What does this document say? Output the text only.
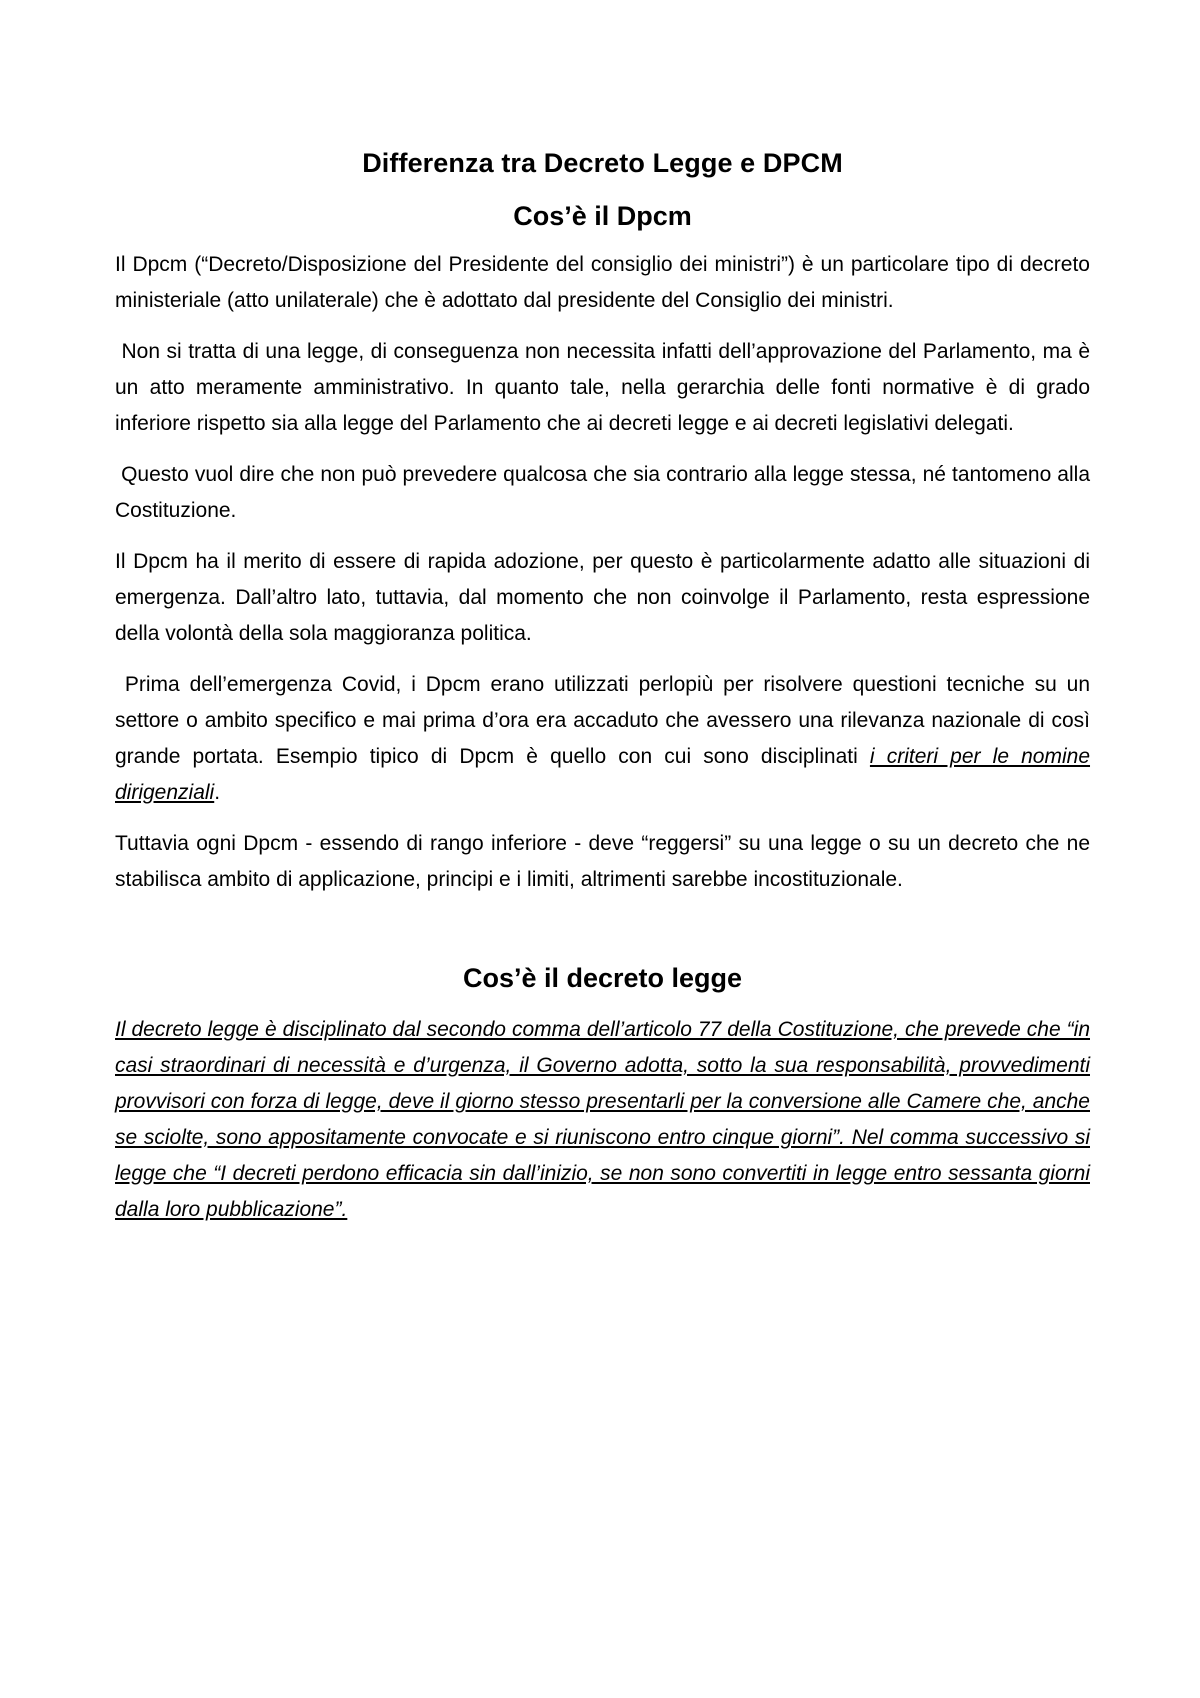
Differenza tra Decreto Legge e DPCM
Cos’è il Dpcm

Il Dpcm (“Decreto/Disposizione del Presidente del consiglio dei ministri”) è un particolare tipo di decreto ministeriale (atto unilaterale) che è adottato dal presidente del Consiglio dei ministri.

Non si tratta di una legge, di conseguenza non necessita infatti dell’approvazione del Parlamento, ma è un atto meramente amministrativo. In quanto tale, nella gerarchia delle fonti normative è di grado inferiore rispetto sia alla legge del Parlamento che ai decreti legge e ai decreti legislativi delegati.

Questo vuol dire che non può prevedere qualcosa che sia contrario alla legge stessa, né tantomeno alla Costituzione.

Il Dpcm ha il merito di essere di rapida adozione, per questo è particolarmente adatto alle situazioni di emergenza. Dall’altro lato, tuttavia, dal momento che non coinvolge il Parlamento, resta espressione della volontà della sola maggioranza politica.

Prima dell’emergenza Covid, i Dpcm erano utilizzati perlopiù per risolvere questioni tecniche su un settore o ambito specifico e mai prima d’ora era accaduto che avessero una rilevanza nazionale di così grande portata. Esempio tipico di Dpcm è quello con cui sono disciplinati i criteri per le nomine dirigenziali.

Tuttavia ogni Dpcm - essendo di rango inferiore - deve “reggersi” su una legge o su un decreto che ne stabilisca ambito di applicazione, principi e i limiti, altrimenti sarebbe incostituzionale.

Cos’è il decreto legge

Il decreto legge è disciplinato dal secondo comma dell’articolo 77 della Costituzione, che prevede che “in casi straordinari di necessità e d’urgenza, il Governo adotta, sotto la sua responsabilità, provvedimenti provvisori con forza di legge, deve il giorno stesso presentarli per la conversione alle Camere che, anche se sciolte, sono appositamente convocate e si riuniscono entro cinque giorni”. Nel comma successivo si legge che “I decreti perdono efficacia sin dall’inizio, se non sono convertiti in legge entro sessanta giorni dalla loro pubblicazione”.
